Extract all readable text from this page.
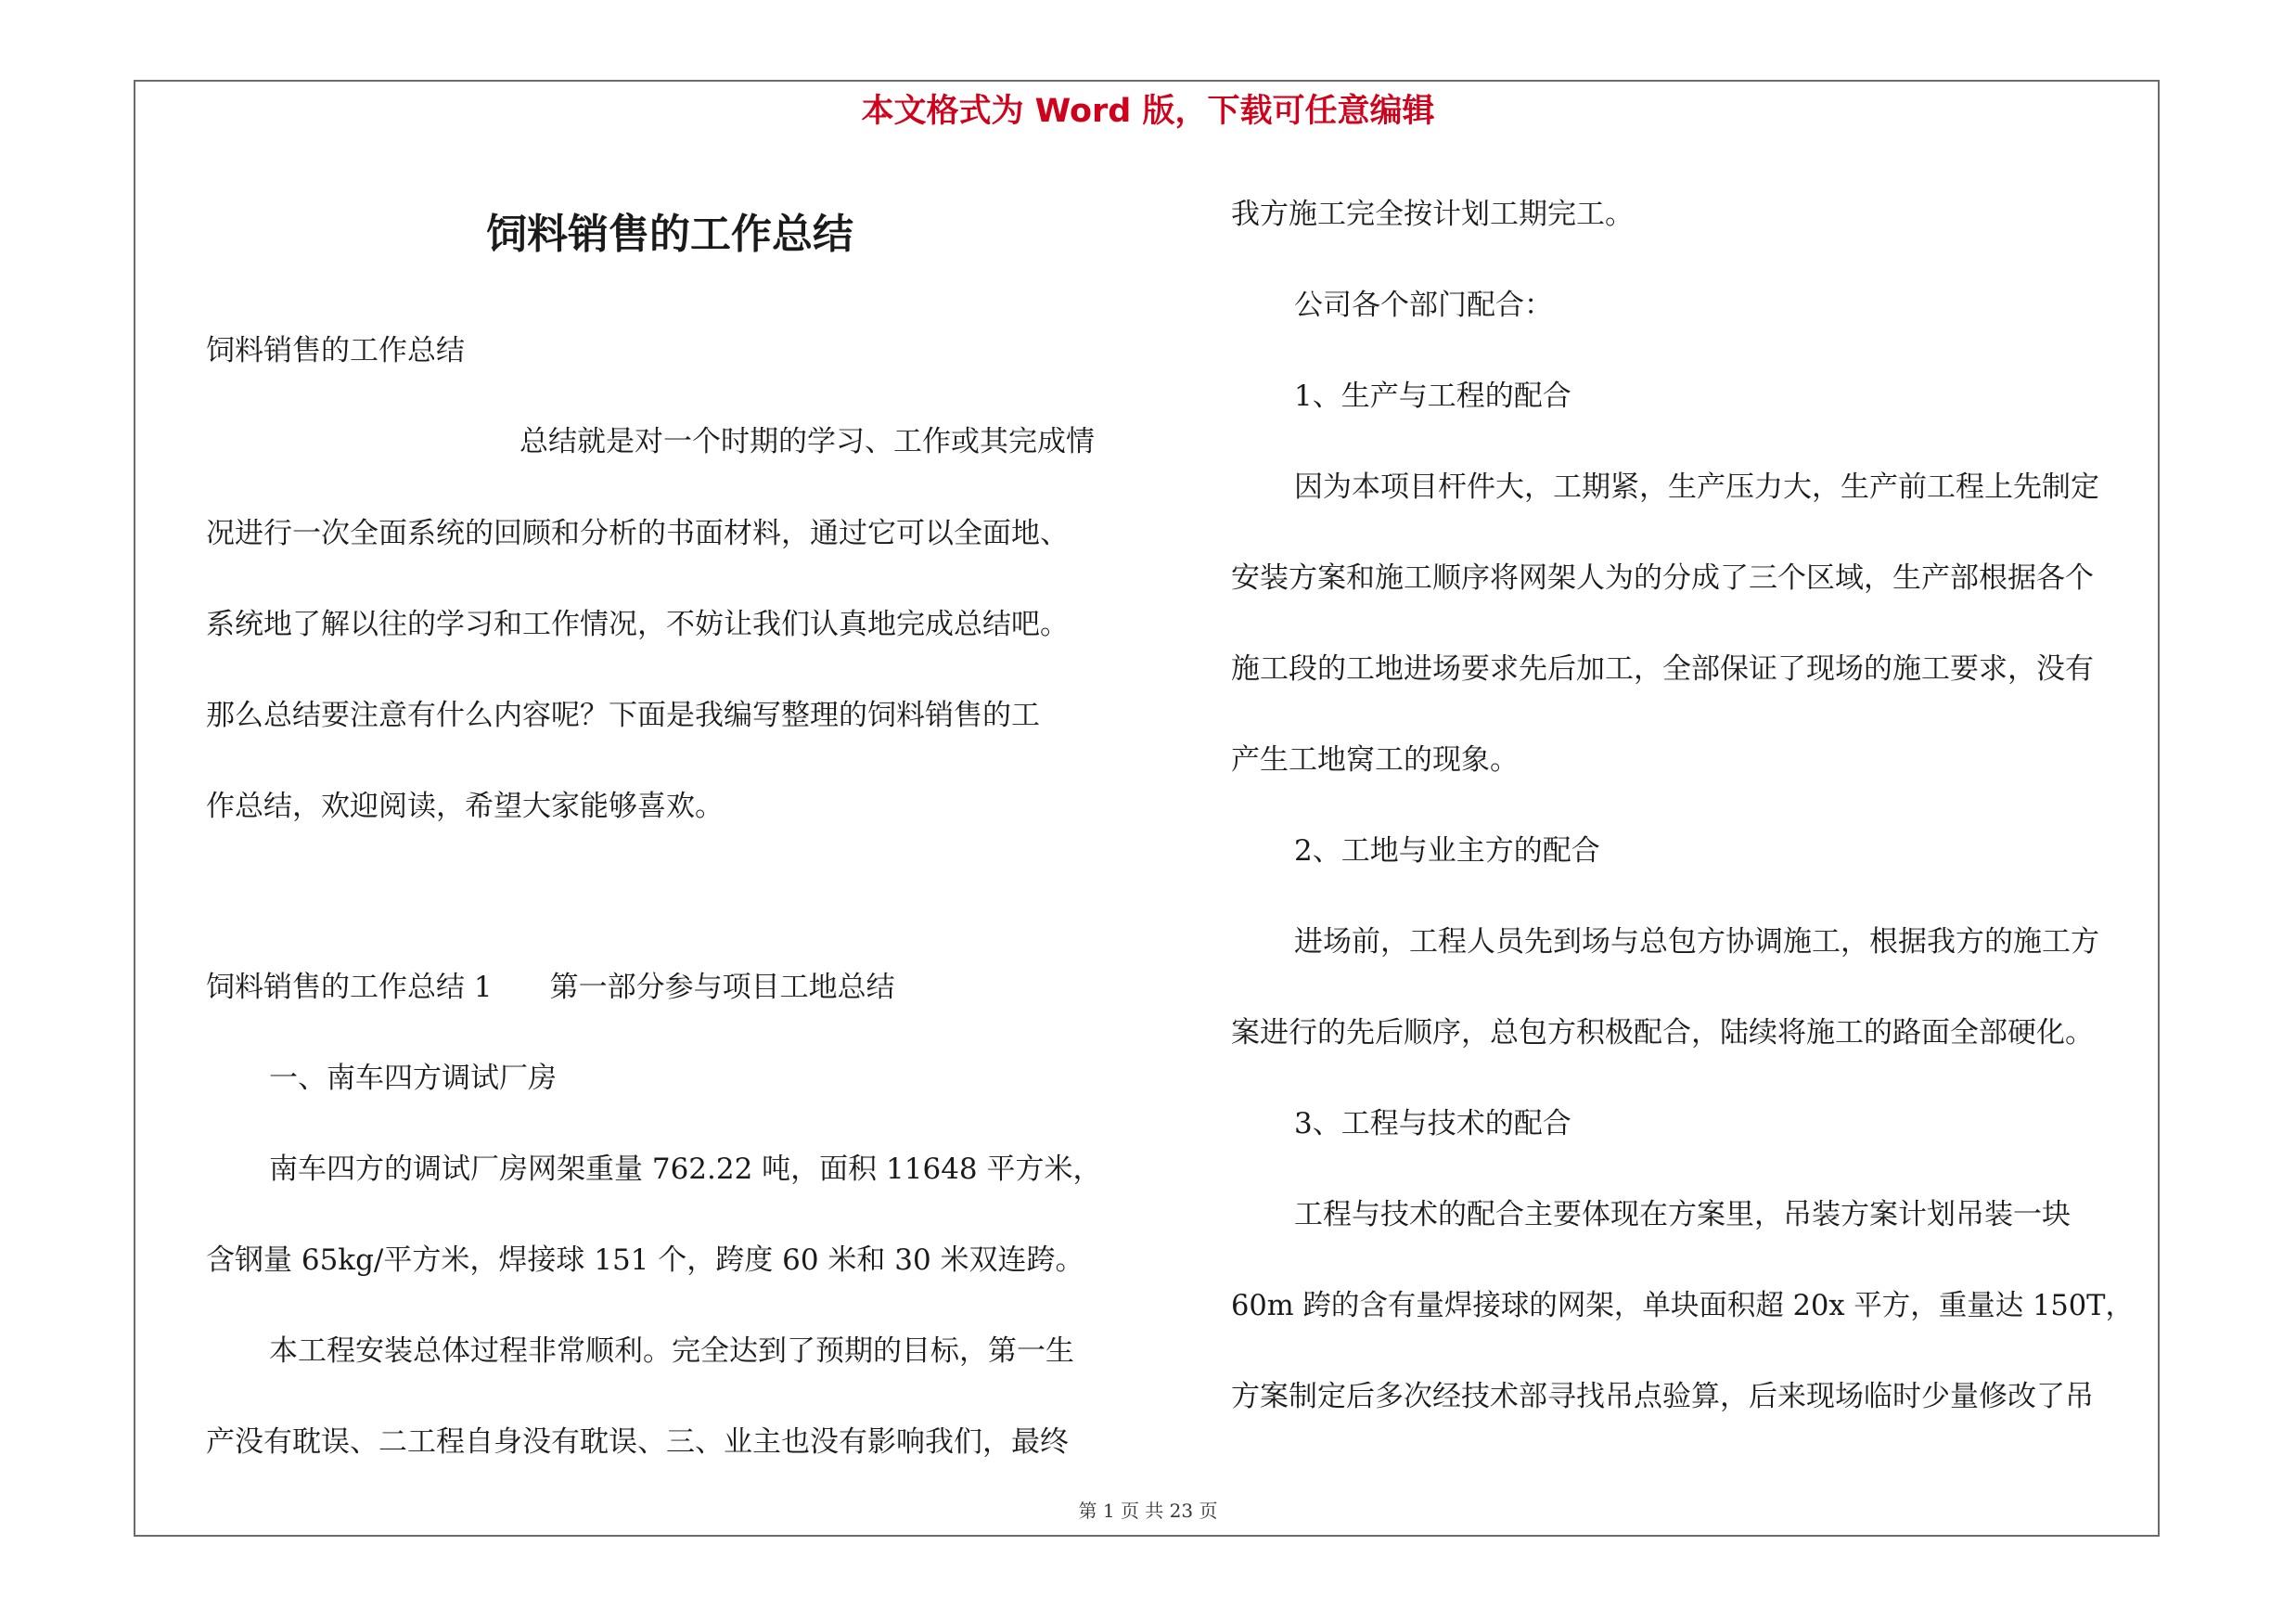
本文格式为 Word 版，下载可任意编辑
饲料销售的工作总结
饲料销售的工作总结
总结就是对一个时期的学习、工作或其完成情
况进行一次全面系统的回顾和分析的书面材料，通过它可以全面地、
系统地了解以往的学习和工作情况，不妨让我们认真地完成总结吧。
那么总结要注意有什么内容呢？下面是我编写整理的饲料销售的工
作总结，欢迎阅读，希望大家能够喜欢。
饲料销售的工作总结 1　　第一部分参与项目工地总结
一、南车四方调试厂房
南车四方的调试厂房网架重量 762.22 吨，面积 11648 平方米，
含钢量 65kg/平方米，焊接球 151 个，跨度 60 米和 30 米双连跨。
本工程安装总体过程非常顺利。完全达到了预期的目标，第一生
产没有耽误、二工程自身没有耽误、三、业主也没有影响我们，最终
我方施工完全按计划工期完工。
公司各个部门配合：
1、生产与工程的配合
因为本项目杆件大，工期紧，生产压力大，生产前工程上先制定
安装方案和施工顺序将网架人为的分成了三个区域，生产部根据各个
施工段的工地进场要求先后加工，全部保证了现场的施工要求，没有
产生工地窝工的现象。
2、工地与业主方的配合
进场前，工程人员先到场与总包方协调施工，根据我方的施工方
案进行的先后顺序，总包方积极配合，陆续将施工的路面全部硬化。
3、工程与技术的配合
工程与技术的配合主要体现在方案里，吊装方案计划吊装一块
60m 跨的含有量焊接球的网架，单块面积超 20x 平方，重量达 150T，
方案制定后多次经技术部寻找吊点验算，后来现场临时少量修改了吊
第 1 页 共 23 页
